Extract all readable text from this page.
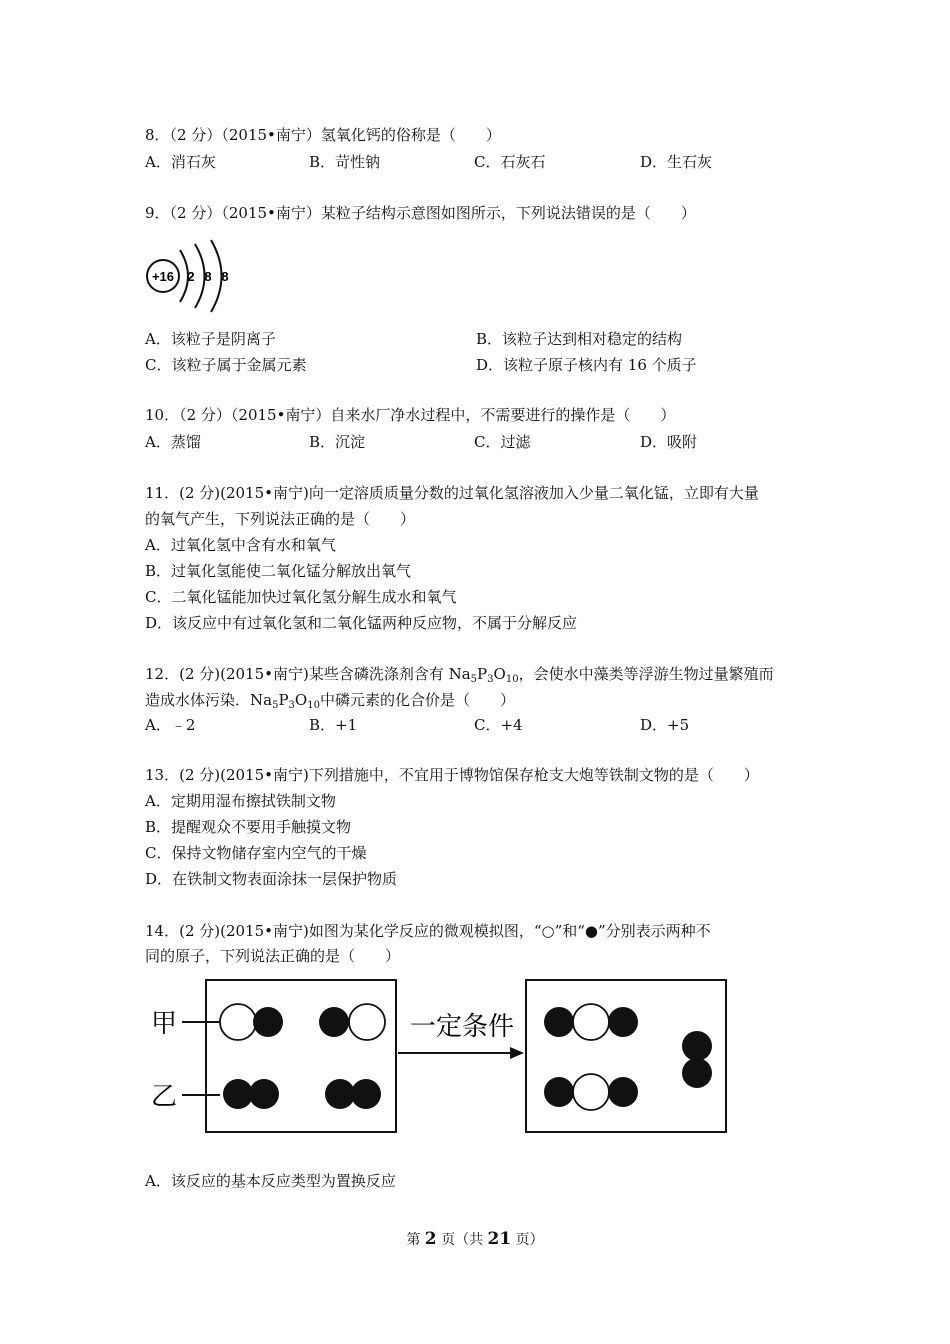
8．（2 分）（2015•南宁）氢氧化钙的俗称是（　　）
A．消石灰	B．苛性钠	C．石灰石	D．生石灰
9．（2 分）（2015•南宁）某粒子结构示意图如图所示，下列说法错误的是（　　）
+16 2 8 8
A．该粒子是阴离子	B．该粒子达到相对稳定的结构
C．该粒子属于金属元素	D．该粒子原子核内有 16 个质子
10．（2 分）（2015•南宁）自来水厂净水过程中，不需要进行的操作是（　　）
A．蒸馏	B．沉淀	C．过滤	D．吸附
11．(2 分)(2015•南宁)向一定溶质质量分数的过氧化氢溶液加入少量二氧化锰，立即有大量
的氧气产生，下列说法正确的是（　　）
A．过氧化氢中含有水和氧气
B．过氧化氢能使二氧化锰分解放出氧气
C．二氧化锰能加快过氧化氢分解生成水和氧气
D．该反应中有过氧化氢和二氧化锰两种反应物，不属于分解反应
12．(2 分)(2015•南宁)某些含磷洗涤剂含有 $Na_5P_3O_{10}$，会使水中藻类等浮游生物过量繁殖而
造成水体污染．$Na_5P_3O_{10}$中磷元素的化合价是（　　）
A．﹣2	B．+1	C．+4	D．+5
13．(2 分)(2015•南宁)下列措施中，不宜用于博物馆保存枪支大炮等铁制文物的是（　　）
A．定期用湿布擦拭铁制文物
B．提醒观众不要用手触摸文物
C．保持文物储存室内空气的干燥
D．在铁制文物表面涂抹一层保护物质
14．(2 分)(2015•南宁)如图为某化学反应的微观模拟图，“○”和“●”分别表示两种不
同的原子，下列说法正确的是（　　）
甲
乙
一定条件
A．该反应的基本反应类型为置换反应
第 2 页（共 21 页）
